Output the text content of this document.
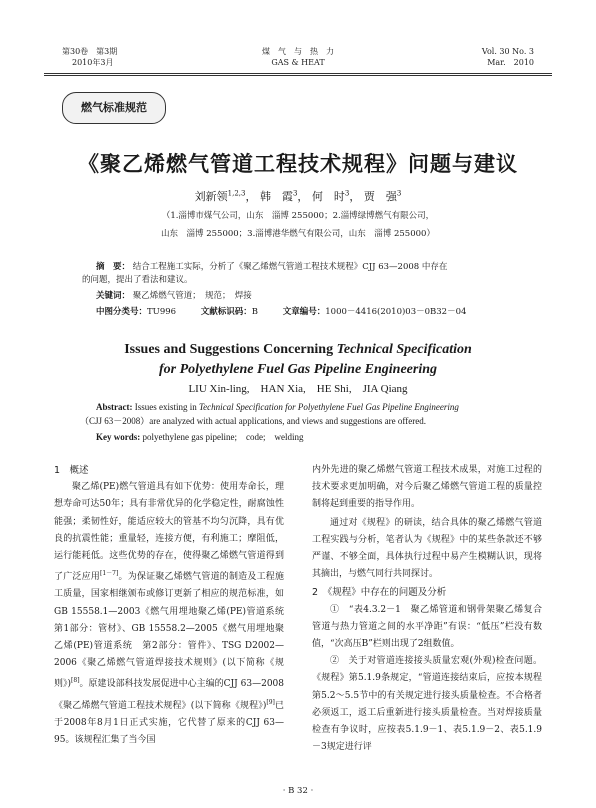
第30卷　第3期
2010年3月
煤　气　与　热　力
GAS & HEAT
Vol. 30 No. 3
Mar.　2010
燃气标准规范
《聚乙烯燃气管道工程技术规程》问题与建议
刘新领$^{1,2,3}$， 韩　霞$^3$， 何　时$^3$， 贾　强$^3$
（1.淄博市煤气公司，山东　淄博 255000；2.淄博绿博燃气有限公司，
山东　淄博 255000；3.淄博港华燃气有限公司，山东　淄博 255000）
摘　要： 结合工程施工实际，分析了《聚乙烯燃气管道工程技术规程》CJJ 63—2008 中存在
的问题，提出了看法和建议。
关键词： 聚乙烯燃气管道；　规范；　焊接
中图分类号：TU996	文献标识码：B	文章编号：1000－4416(2010)03－0B32－04
Issues and Suggestions Concerning Technical Specification
for Polyethylene Fuel Gas Pipeline Engineering
LIU Xin-ling,　HAN Xia,　HE Shi,　JIA Qiang
Abstract: Issues existing in Technical Specification for Polyethylene Fuel Gas Pipeline Engineering
（CJJ 63－2008）are analyzed with actual applications, and views and suggestions are offered.
Key words: polyethylene gas pipeline;　code;　welding

1　概述

聚乙烯(PE)燃气管道具有如下优势：使用寿命长，理想寿命可达50年；具有非常优异的化学稳定性，耐腐蚀性能强；柔韧性好，能适应较大的管基不均匀沉降，具有优良的抗震性能；重量轻，连接方便，有利施工；摩阻低，运行能耗低。这些优势的存在，使得聚乙烯燃气管道得到了广泛应用[1－7]。为保证聚乙烯燃气管道的制造及工程施工质量，国家相继颁布或修订更新了相应的规范标准，如GB 15558.1—2003《燃气用埋地聚乙烯(PE)管道系统　第1部分：管材》、GB 15558.2—2005《燃气用埋地聚乙烯(PE)管道系统　第2部分：管件》、TSG D2002—2006《聚乙烯燃气管道焊接技术规则》(以下简称《规则》)[8]。原建设部科技发展促进中心主编的CJJ 63—2008《聚乙烯燃气管道工程技术规程》(以下简称《规程》)[9]已于2008年8月1日正式实施，它代替了原来的CJJ 63—95。该规程汇集了当今国

内外先进的聚乙烯燃气管道工程技术成果，对施工过程的技术要求更加明确，对今后聚乙烯燃气管道工程的质量控制将起到重要的指导作用。

通过对《规程》的研读，结合具体的聚乙烯燃气管道工程实践与分析，笔者认为《规程》中的某些条款还不够严谨、不够全面，具体执行过程中易产生模糊认识，现将其摘出，与燃气同行共同探讨。

2　《规程》中存在的问题及分析

①　“表4.3.2－1　聚乙烯管道和钢骨架聚乙烯复合管道与热力管道之间的水平净距”有误：“低压”栏没有数值，“次高压B”栏则出现了2组数值。

②　关于对管道连接接头质量宏观(外观)检查问题。《规程》第5.1.9条规定，“管道连接结束后，应按本规程第5.2～5.5节中的有关规定进行接头质量检查。不合格者必须返工，返工后重新进行接头质量检查。当对焊接质量检查有争议时，应按表5.1.9－1、表5.1.9－2、表5.1.9－3规定进行评

· B 32 ·
